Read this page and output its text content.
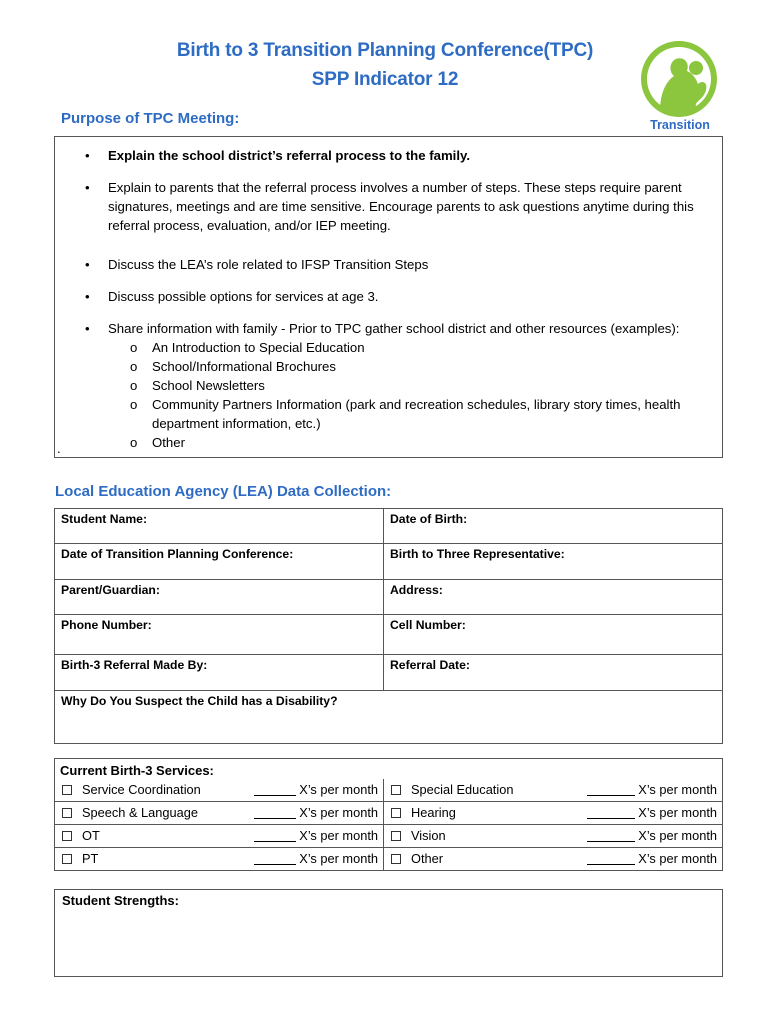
Birth to 3 Transition Planning Conference(TPC)
SPP Indicator 12
Transition
Purpose of TPC Meeting:
• Explain the school district’s referral process to the family.
• Explain to parents that the referral process involves a number of steps. These steps require parent signatures, meetings and are time sensitive. Encourage parents to ask questions anytime during this referral process, evaluation, and/or IEP meeting.
• Discuss the LEA’s role related to IFSP Transition Steps
• Discuss possible options for services at age 3.
• Share information with family - Prior to TPC gather school district and other resources (examples):
o An Introduction to Special Education
o School/Informational Brochures
o School Newsletters
o Community Partners Information (park and recreation schedules, library story times, health department information, etc.)
o Other
.
Local Education Agency (LEA) Data Collection:
Student Name:	Date of Birth:
Date of Transition Planning Conference:	Birth to Three Representative:
Parent/Guardian:	Address:
Phone Number:	Cell Number:
Birth-3 Referral Made By:	Referral Date:
Why Do You Suspect the Child has a Disability?	
Current Birth-3 Services:	

Service Coordination X’s per month	Special Education X’s per month

Speech & Language X’s per month	Hearing X’s per month

OT X’s per month	Vision X’s per month

PT X’s per month	Other X’s per month
Student Strengths:
